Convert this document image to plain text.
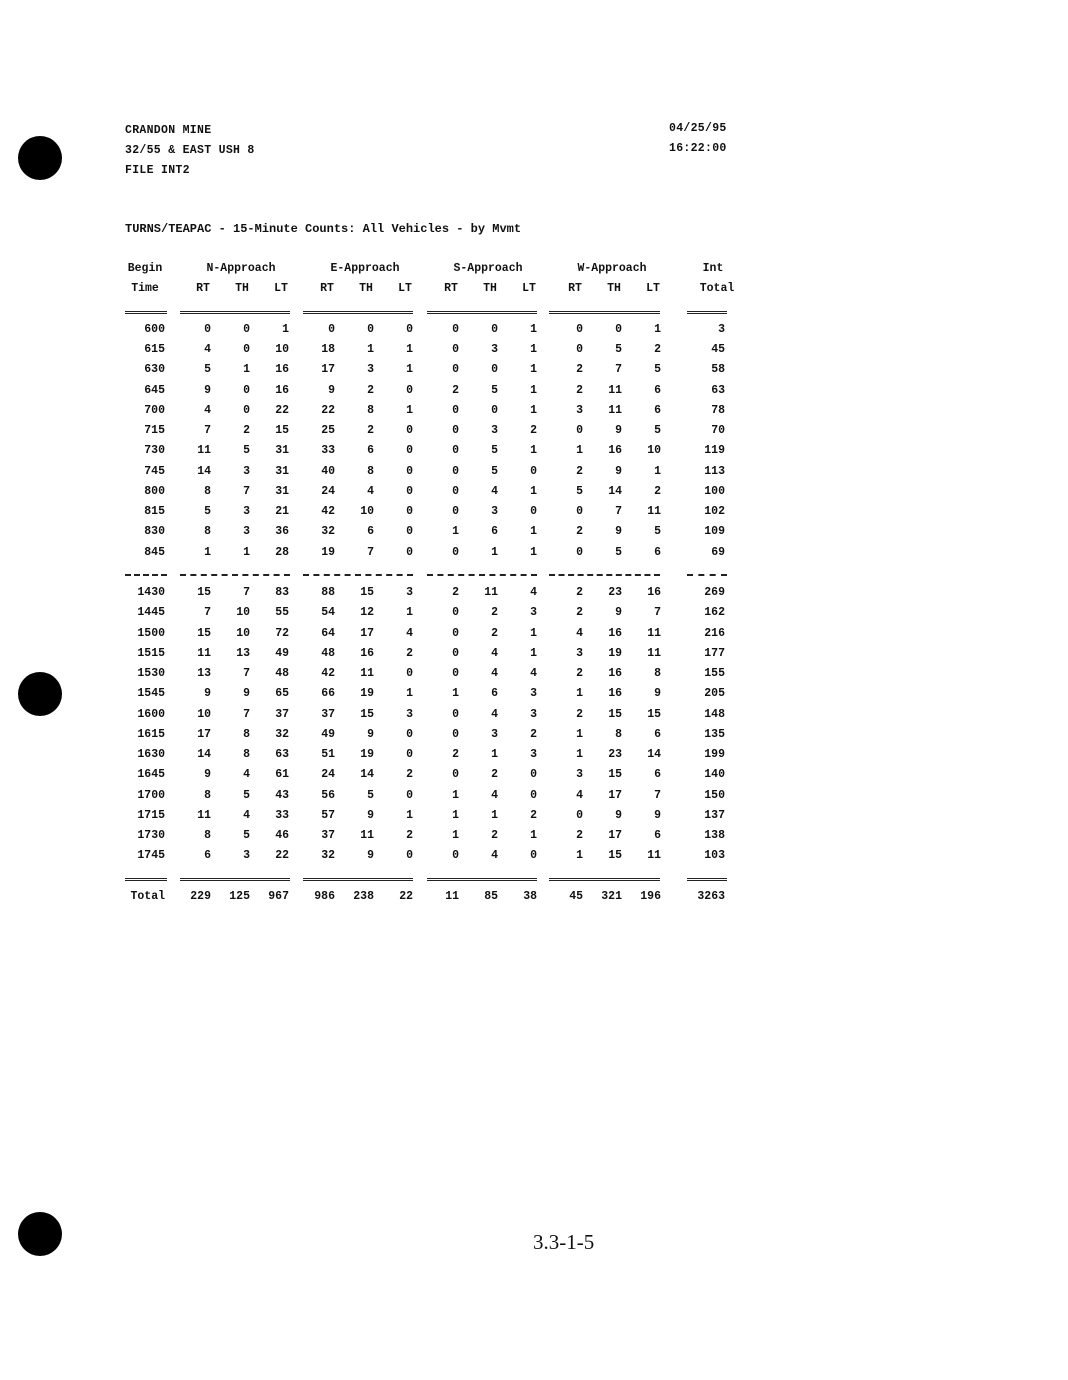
CRANDON MINE
32/55 & EAST USH 8
FILE INT2
04/25/95
16:22:00
TURNS/TEAPAC - 15-Minute Counts: All Vehicles - by Mvmt
Begin	N-Approach	E-Approach	S-Approach	W-Approach	Int
Time	RT	TH	LT	RT	TH	LT	RT	TH	LT	RT	TH	LT	Total
600	0	0	1	0	0	0	0	0	1	0	0	1	3
615	4	0 10	18	1	1	0	3	1	0	5	2	45
630	5	1 16	17	3	1	0	0	1	2	7	5	58
645	9	0 16	9	2	0	2	5	1	2 11	6	63
700	4	0 22	22	8	1	0	0	1	3 11	6	78
715	7	2 15	25	2	0	0	3	2	0	9	5	70
730	11	5 31	33	6	0	0	5	1	1 16 10	119
745	14	3 31	40	8	0	0	5	0	2	9	1	113
800	8	7 31	24	4	0	0	4	1	5 14	2	100
815	5	3 21	42 10	0	0	3	0	0	7 11	102
830	8	3 36	32	6	0	1	6	1	2	9	5	109
845	1	1 28	19	7	0	0	1	1	0	5	6	69
1430	15	7 83	88 15	3	2 11	4	2 23 16	269
1445	7 10 55	54 12	1	0	2	3	2	9	7	162
1500	15 10 72	64 17	4	0	2	1	4 16 11	216
1515	11 13 49	48 16	2	0	4	1	3 19 11	177
1530	13	7 48	42 11	0	0	4	4	2 16	8	155
1545	9	9 65	66 19	1	1	6	3	1 16	9	205
1600	10	7 37	37 15	3	0	4	3	2 15 15	148
1615	17	8 32	49	9	0	0	3	2	1	8	6	135
1630	14	8 63	51 19	0	2	1	3	1 23 14	199
1645	9	4 61	24 14	2	0	2	0	3 15	6	140
1700	8	5 43	56	5	0	1	4	0	4 17	7	150
1715	11	4 33	57	9	1	1	1	2	0	9	9	137
1730	8	5 46	37 11	2	1	2	1	2 17	6	138
1745	6	3 22	32	9	0	0	4	0	1 15 11	103
Total 229 125 967 986 238 22	11 85 38	45 321 196	3263
3.3-1-5
